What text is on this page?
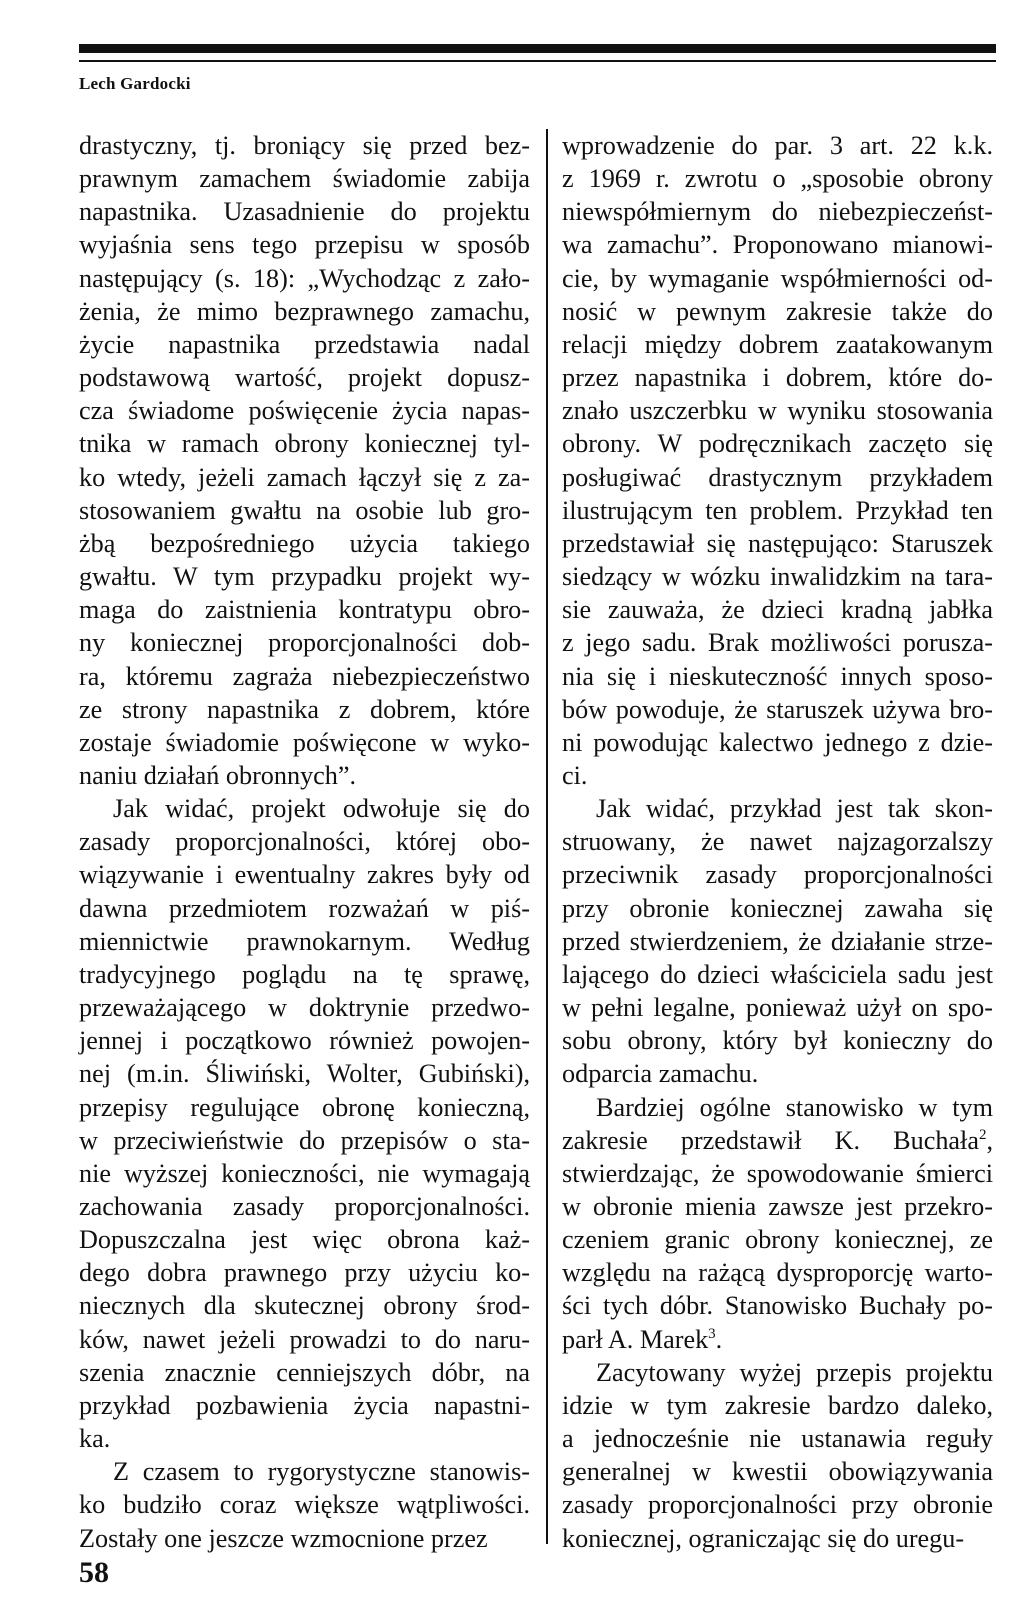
Lech Gardocki

drastyczny, tj. broniący się przed bez-

prawnym zamachem świadomie zabija

napastnika. Uzasadnienie do projektu

wyjaśnia sens tego przepisu w sposób

następujący (s. 18): „Wychodząc z zało-

żenia, że mimo bezprawnego zamachu,

życie napastnika przedstawia nadal

podstawową wartość, projekt dopusz-

cza świadome poświęcenie życia napas-

tnika w ramach obrony koniecznej tyl-

ko wtedy, jeżeli zamach łączył się z za-

stosowaniem gwałtu na osobie lub gro-

żbą bezpośredniego użycia takiego

gwałtu. W tym przypadku projekt wy-

maga do zaistnienia kontratypu obro-

ny koniecznej proporcjonalności dob-

ra, któremu zagraża niebezpieczeństwo

ze strony napastnika z dobrem, które

zostaje świadomie poświęcone w wyko-

naniu działań obronnych”.

Jak widać, projekt odwołuje się do

zasady proporcjonalności, której obo-

wiązywanie i ewentualny zakres były od

dawna przedmiotem rozważań w piś-

miennictwie prawnokarnym. Według

tradycyjnego poglądu na tę sprawę,

przeważającego w doktrynie przedwo-

jennej i początkowo również powojen-

nej (m.in. Śliwiński, Wolter, Gubiński),

przepisy regulujące obronę konieczną,

w przeciwieństwie do przepisów o sta-

nie wyższej konieczności, nie wymagają

zachowania zasady proporcjonalności.

Dopuszczalna jest więc obrona każ-

dego dobra prawnego przy użyciu ko-

niecznych dla skutecznej obrony środ-

ków, nawet jeżeli prowadzi to do naru-

szenia znacznie cenniejszych dóbr, na

przykład pozbawienia życia napastni-

ka.

Z czasem to rygorystyczne stanowis-

ko budziło coraz większe wątpliwości.

Zostały one jeszcze wzmocnione przez

wprowadzenie do par. 3 art. 22 k.k.

z 1969 r. zwrotu o „sposobie obrony

niewspółmiernym do niebezpieczeńst-

wa zamachu”. Proponowano mianowi-

cie, by wymaganie współmierności od-

nosić w pewnym zakresie także do

relacji między dobrem zaatakowanym

przez napastnika i dobrem, które do-

znało uszczerbku w wyniku stosowania

obrony. W podręcznikach zaczęto się

posługiwać drastycznym przykładem

ilustrującym ten problem. Przykład ten

przedstawiał się następująco: Staruszek

siedzący w wózku inwalidzkim na tara-

sie zauważa, że dzieci kradną jabłka

z jego sadu. Brak możliwości porusza-

nia się i nieskuteczność innych sposo-

bów powoduje, że staruszek używa bro-

ni powodując kalectwo jednego z dzie-

ci.

Jak widać, przykład jest tak skon-

struowany, że nawet najzagorzalszy

przeciwnik zasady proporcjonalności

przy obronie koniecznej zawaha się

przed stwierdzeniem, że działanie strze-

lającego do dzieci właściciela sadu jest

w pełni legalne, ponieważ użył on spo-

sobu obrony, który był konieczny do

odparcia zamachu.

Bardziej ogólne stanowisko w tym

zakresie przedstawił K. Buchała$^2$,

stwierdzając, że spowodowanie śmierci

w obronie mienia zawsze jest przekro-

czeniem granic obrony koniecznej, ze

względu na rażącą dysproporcję warto-

ści tych dóbr. Stanowisko Buchały po-

parł A. Marek$^3$.

Zacytowany wyżej przepis projektu

idzie w tym zakresie bardzo daleko,

a jednocześnie nie ustanawia reguły

generalnej w kwestii obowiązywania

zasady proporcjonalności przy obronie

koniecznej, ograniczając się do uregu-

58
